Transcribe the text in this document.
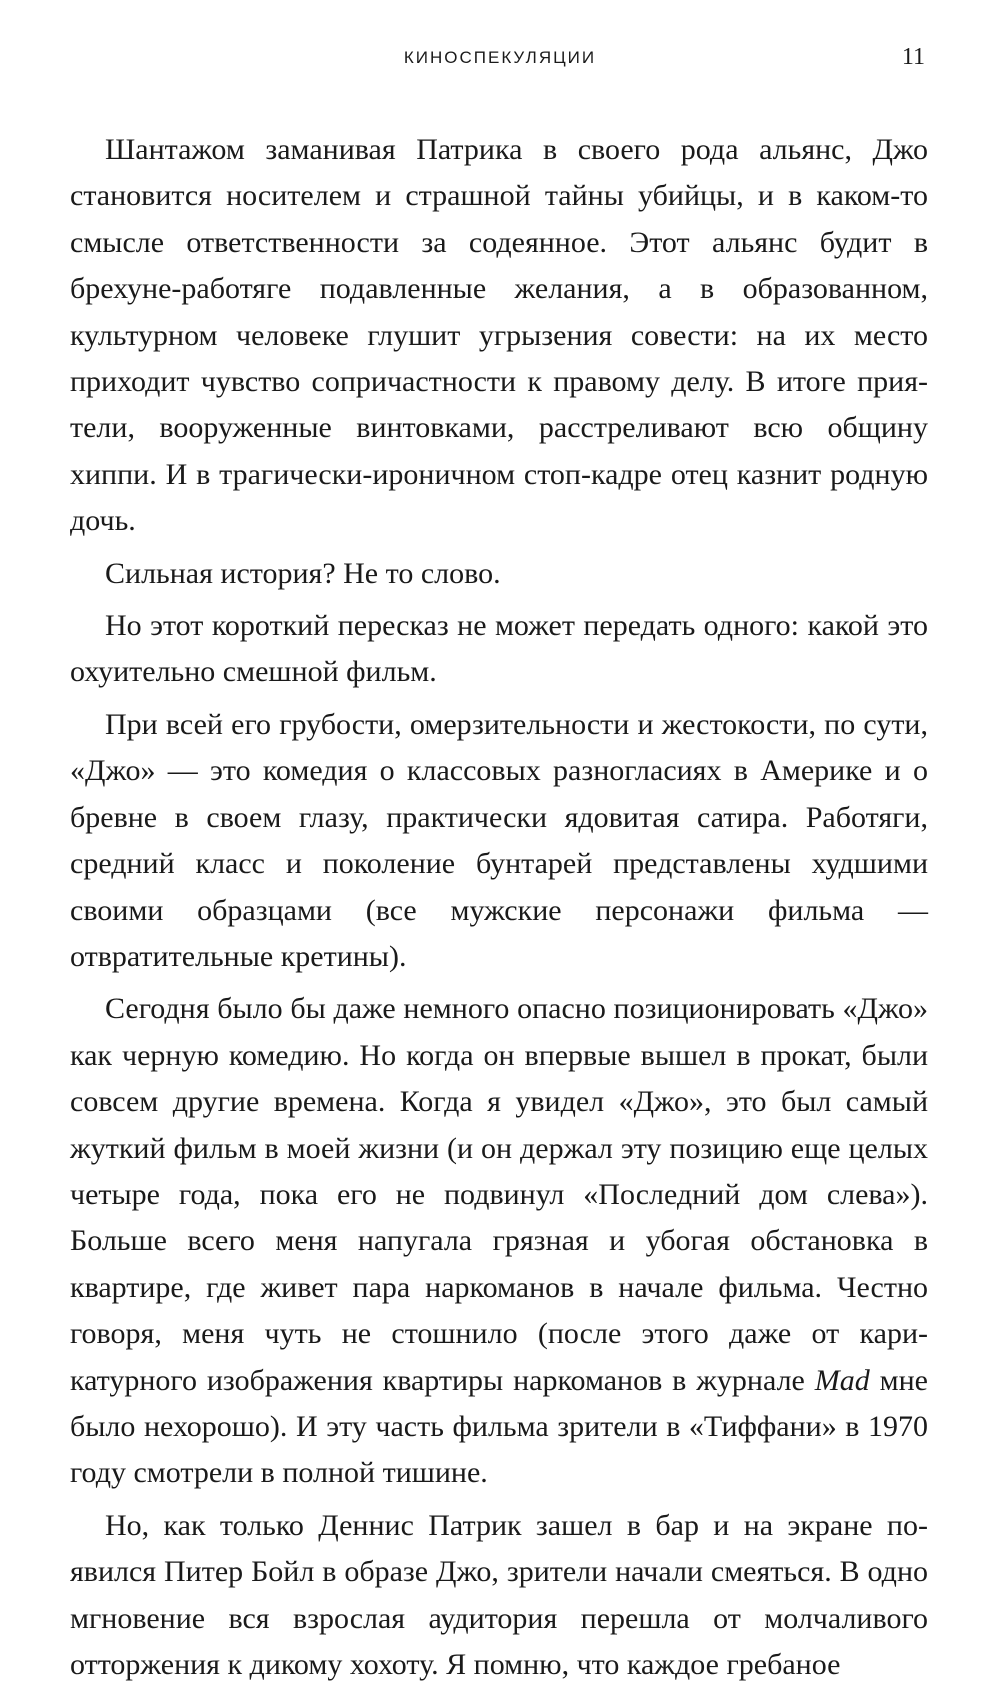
КИНОСПЕКУЛЯЦИИ	11

Шантажом заманивая Патрика в своего рода альянс, Джо становится носителем и страшной тайны убийцы, и в каком-то смысле ответственности за содеянное. Этот альянс будит в брехуне-работяге подавленные желания, а в образованном, культурном человеке глушит угрызения совести: на их место приходит чувство сопричастности к правому делу. В итоге приятели, вооруженные винтовками, расстреливают всю общину хиппи. И в трагически-ироничном стоп-кадре отец казнит родную дочь.

Сильная история? Не то слово.

Но этот короткий пересказ не может передать одного: какой это охуительно смешной фильм.

При всей его грубости, омерзительности и жестокости, по сути, «Джо» — это комедия о классовых разногласиях в Америке и о бревне в своем глазу, практически ядовитая сатира. Работяги, средний класс и поколение бунтарей представлены худшими своими образцами (все мужские персонажи фильма — отвратительные кретины).

Сегодня было бы даже немного опасно позиционировать «Джо» как черную комедию. Но когда он впервые вышел в прокат, были совсем другие времена. Когда я увидел «Джо», это был самый жуткий фильм в моей жизни (и он держал эту позицию еще целых четыре года, пока его не подвинул «Последний дом слева»). Больше всего меня напугала грязная и убогая обстановка в квартире, где живет пара наркоманов в начале фильма. Честно говоря, меня чуть не стошнило (после этого даже от карикатурного изображения квартиры наркоманов в журнале Mad мне было нехорошо). И эту часть фильма зрители в «Тиффани» в 1970 году смотрели в полной тишине.

Но, как только Деннис Патрик зашел в бар и на экране появился Питер Бойл в образе Джо, зрители начали смеяться. В одно мгновение вся взрослая аудитория перешла от молчаливого отторжения к дикому хохоту. Я помню, что каждое гребаное
